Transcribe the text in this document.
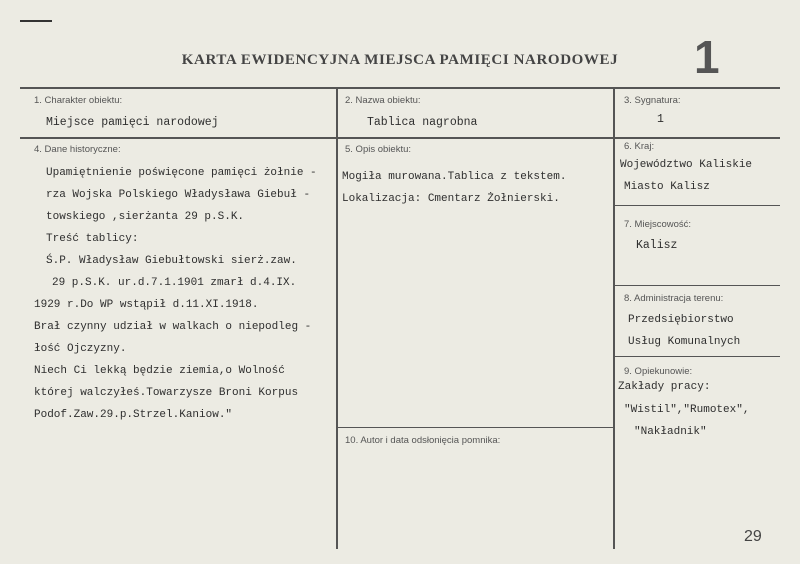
KARTA EWIDENCYJNA MIEJSCA PAMIĘCI NARODOWEJ	1
29
1. Charakter obiektu:
Miejsce pamięci narodowej
2. Nazwa obiektu:
Tablica nagrobna
3. Sygnatura:
1
4. Dane historyczne:
Upamiętnienie poświęcone pamięci żołnie -
rza Wojska Polskiego Władysława Giebuł -
towskiego ,sierżanta 29 p.S.K.
Treść tablicy:
Ś.P. Władysław Giebułtowski sierż.zaw.
29 p.S.K. ur.d.7.1.1901 zmarł d.4.IX.
1929 r.Do WP wstąpił d.11.XI.1918.
Brał czynny udział w walkach o niepodleg -
łość Ojczyzny.
Niech Ci lekką będzie ziemia,o Wolność
której walczyłeś.Towarzysze Broni Korpus
Podof.Zaw.29.p.Strzel.Kaniow."
5. Opis obiektu:
Mogiła murowana.Tablica z tekstem.
Lokalizacja: Cmentarz Żołnierski.
6. Kraj:
Województwo Kaliskie
Miasto Kalisz
7. Miejscowość:
Kalisz
8. Administracja terenu:
Przedsiębiorstwo
Usług Komunalnych
9. Opiekunowie:
Zakłady pracy:
"Wistil","Rumotex",
"Nakładnik"
10. Autor i data odsłonięcia pomnika:
